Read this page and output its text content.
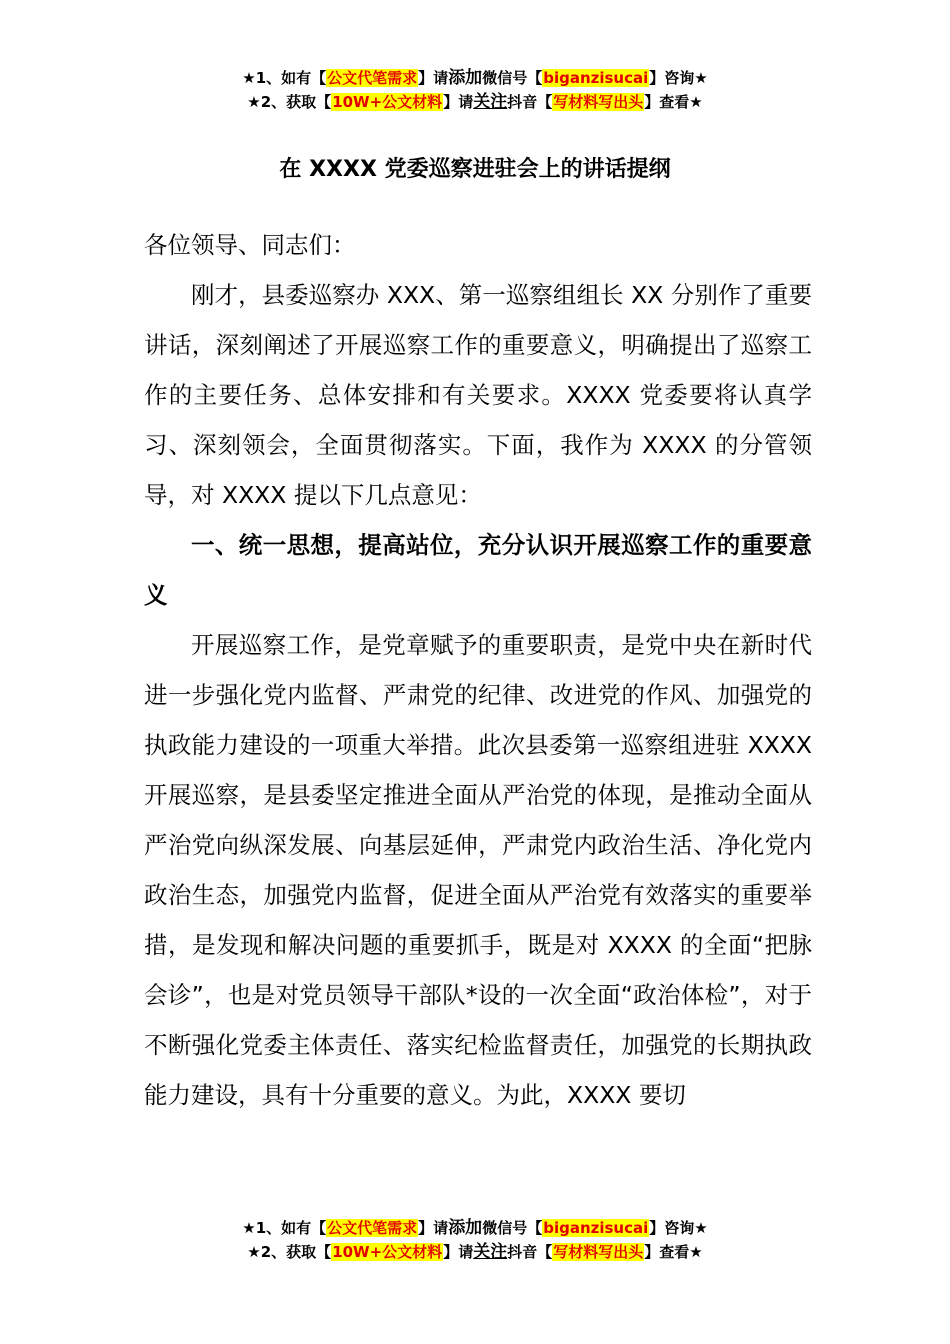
★1、如有【公文代笔需求】请添加微信号【biganzisucai】咨询★
★2、获取【10W+公文材料】请关注抖音【写材料写出头】查看★
在 XXXX 党委巡察进驻会上的讲话提纲

各位领导、同志们：

刚才，县委巡察办 XXX、第一巡察组组长 XX 分别作了重要讲话，深刻阐述了开展巡察工作的重要意义，明确提出了巡察工作的主要任务、总体安排和有关要求。XXXX 党委要将认真学习、深刻领会，全面贯彻落实。下面，我作为 XXXX 的分管领导，对 XXXX 提以下几点意见：

一、统一思想，提高站位，充分认识开展巡察工作的重要意义

开展巡察工作，是党章赋予的重要职责，是党中央在新时代进一步强化党内监督、严肃党的纪律、改进党的作风、加强党的执政能力建设的一项重大举措。此次县委第一巡察组进驻 XXXX 开展巡察，是县委坚定推进全面从严治党的体现，是推动全面从严治党向纵深发展、向基层延伸，严肃党内政治生活、净化党内政治生态，加强党内监督，促进全面从严治党有效落实的重要举措，是发现和解决问题的重要抓手，既是对 XXXX 的全面“把脉会诊”，也是对党员领导干部队*设的一次全面“政治体检”，对于不断强化党委主体责任、落实纪检监督责任，加强党的长期执政能力建设，具有十分重要的意义。为此，XXXX 要切

★1、如有【公文代笔需求】请添加微信号【biganzisucai】咨询★
★2、获取【10W+公文材料】请关注抖音【写材料写出头】查看★
